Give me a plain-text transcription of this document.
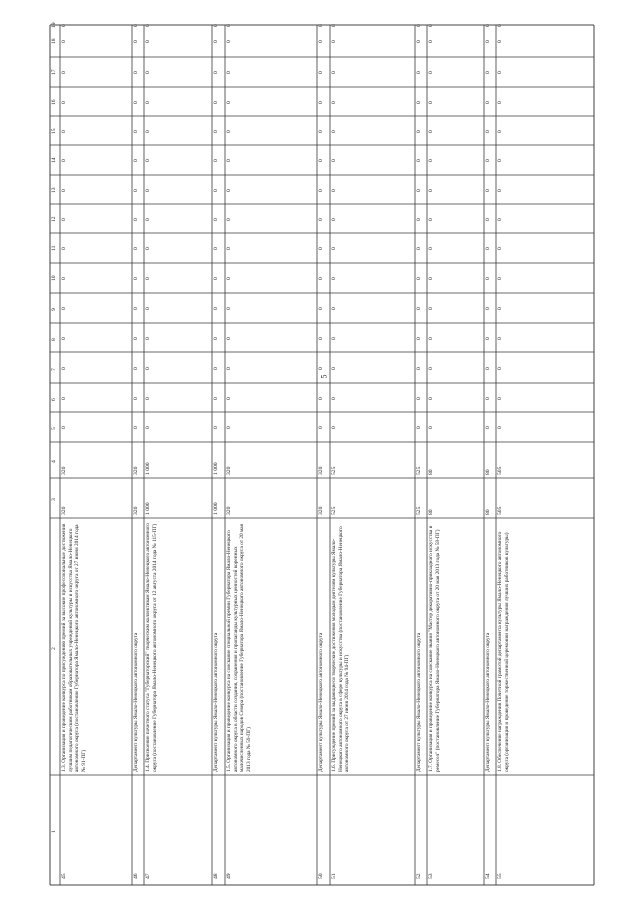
5
1
2
3
4
5
6
7
8
9
10
11
12
13
14
15
16
17
18
19
45
1.3. Организация и проведение конкурса по присуждению премий за высокие профессиональные достижения лучшим педагогическим работникам образовательных учреждений культуры и искусства Ямало-Ненецкого автономного округа (постановление Губернатора Ямало-Ненецкого автономного округа от 27 июня 2014 года № 91-ПГ)
320
320
0
0
0
0
0
0
0
0
0
0
0
0
0
0
0
46
Департамент культуры Ямало-Ненецкого автономного округа
320
320
0
0
0
0
0
0
0
0
0
0
0
0
0
0
0
47
1.4. Присвоение почетного статуса "Губернаторский" творческим коллективам Ямало-Ненецкого автономного округа (постановление Губернатора Ямало-Ненецкого автономного округа от 12 августа 2014 года № 115-ПГ)
1 000
1 000
0
0
0
0
0
0
0
0
0
0
0
0
0
0
0
48
Департамент культуры Ямало-Ненецкого автономного округа
1 000
1 000
0
0
0
0
0
0
0
0
0
0
0
0
0
0
0
49
1.5. Организация и проведение конкурса на соискание специальной премии Губернатора Ямало-Ненецкого автономного округа в области создания, сохранения и пропаганды культурных ценностей коренных малочисленных народов Севера (постановление Губернатора Ямало-Ненецкого автономного округа от 20 мая 2013 года № 59-ПГ)
320
320
0
0
0
0
0
0
0
0
0
0
0
0
0
0
0
50
Департамент культуры Ямало-Ненецкого автономного округа
320
320
0
0
0
0
0
0
0
0
0
0
0
0
0
0
0
51
1.6. Присуждение премий за выдающиеся творческие достижения молодым деятелям культуры Ямало-Ненецкого автономного округа в сфере культуры и искусства (постановление Губернатора Ямало-Ненецкого автономного округа от 27 июня 2014 года № 94-ПГ)
525
525
0
0
0
0
0
0
0
0
0
0
0
0
0
0
0
52
Департамент культуры Ямало-Ненецкого автономного округа
525
525
0
0
0
0
0
0
0
0
0
0
0
0
0
0
0
53
1.7. Организация и проведение конкурса на соискание звания "Мастер декоративно-прикладного искусства и ремесел" (постановление Губернатора Ямало-Ненецкого автономного округа от 20 мая 2013 года № 59-ПГ)
80
80
0
0
0
0
0
0
0
0
0
0
0
0
0
0
0
54
Департамент культуры Ямало-Ненецкого автономного округа
80
80
0
0
0
0
0
0
0
0
0
0
0
0
0
0
0
55
1.8. Обеспечение награждения Почетной грамотой департамента культуры Ямало-Ненецкого автономного округа (организация и проведение торжественной церемонии награждения лучших работников культуры)
505
505
0
0
0
0
0
0
0
0
0
0
0
0
0
0
0
